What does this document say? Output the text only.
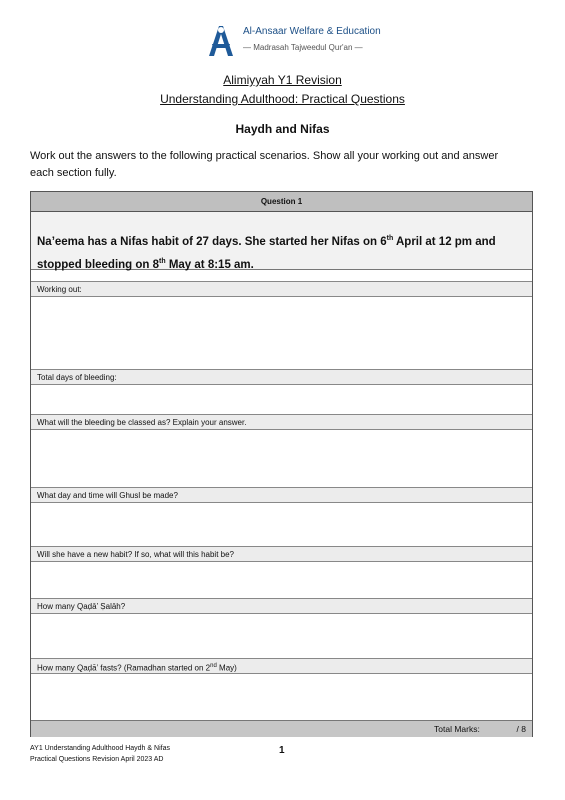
Al-Ansaar Welfare & Education
— Madrasah Tajweedul Qur'an —
Alimiyyah Y1 Revision
Understanding Adulthood: Practical Questions
Haydh and Nifas
Work out the answers to the following practical scenarios. Show all your working out and answer each section fully.
Question 1
Na’eema has a Nifas habit of 27 days. She started her Nifas on 6th April at 12 pm and stopped bleeding on 8th May at 8:15 am.
Working out:
Total days of bleeding:
What will the bleeding be classed as? Explain your answer.
What day and time will Ghusl be made?
Will she have a new habit? If so, what will this habit be?
How many Qaḍā’ Ṣalāh?
How many Qaḍā’ fasts? (Ramadhan started on 2nd May)
Total Marks:	/ 8
AY1 Understanding Adulthood Haydh & Nifas
Practical Questions Revision April 2023 AD
1
